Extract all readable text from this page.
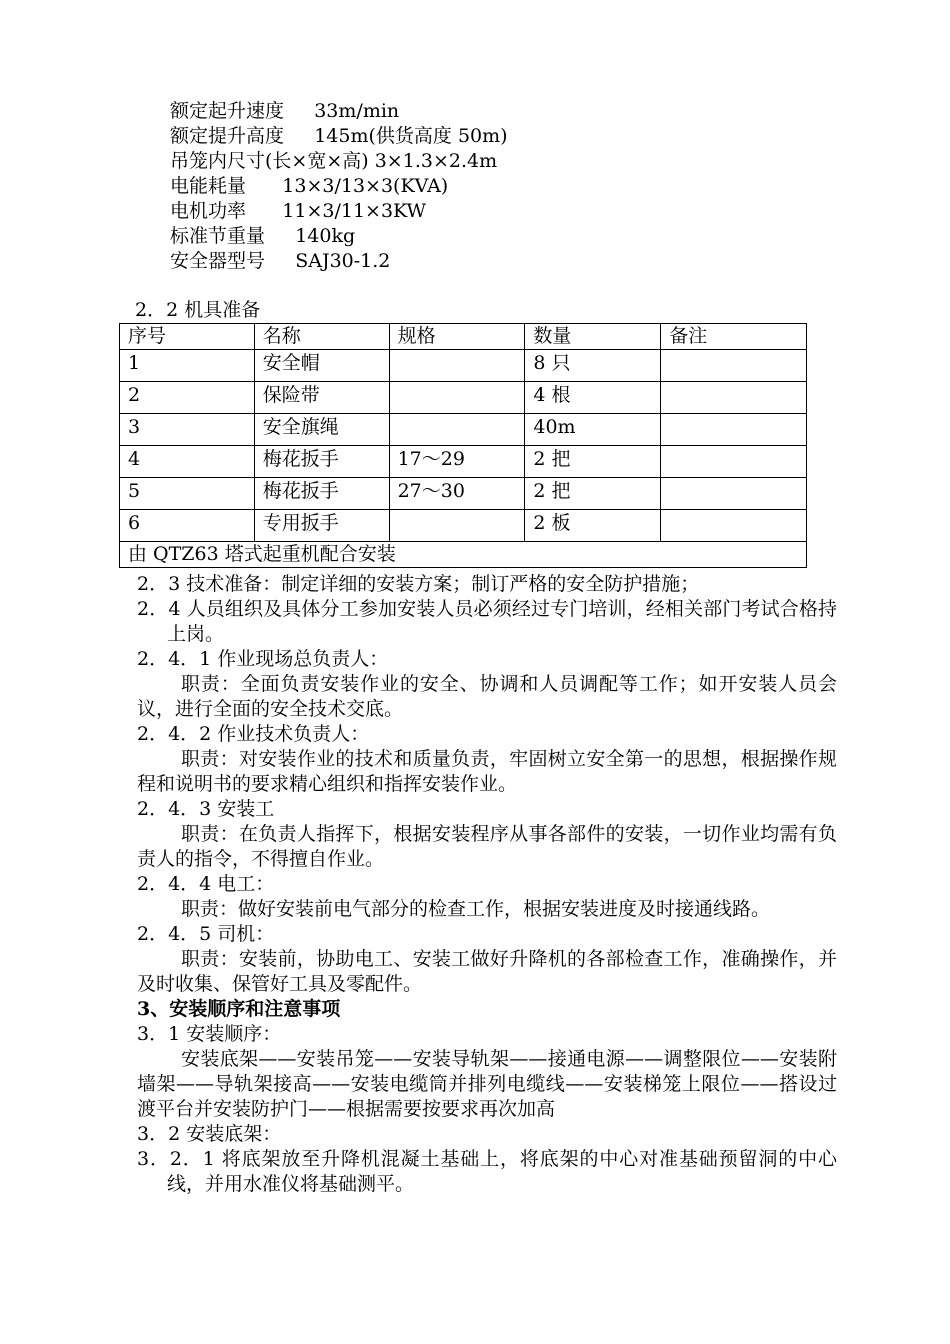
额定起升速度 33m/min
额定提升高度 145m(供货高度 50m)
吊笼内尺寸(长×宽×高) 3×1.3×2.4m
电能耗量 13×3/13×3(KVA)
电机功率 11×3/11×3KW
标准节重量 140kg
安全器型号 SAJ30-1.2
2．2 机具准备
序号	名称	规格	数量	备注
1	安全帽		8 只	
2	保险带		4 根	
3	安全旗绳		40m	
4	梅花扳手	17～29	2 把	
5	梅花扳手	27～30	2 把	
6	专用扳手		2 板	
由 QTZ63 塔式起重机配合安装				

2．3 技术准备：制定详细的安装方案；制订严格的安全防护措施；

2．4 人员组织及具体分工参加安装人员必须经过专门培训，经相关部门考试合格持上岗。

2．4．1 作业现场总负责人：

职责：全面负责安装作业的安全、协调和人员调配等工作；如开安装人员会议，进行全面的安全技术交底。

2．4．2 作业技术负责人：

职责：对安装作业的技术和质量负责，牢固树立安全第一的思想，根据操作规程和说明书的要求精心组织和指挥安装作业。

2．4．3 安装工

职责：在负责人指挥下，根据安装程序从事各部件的安装，一切作业均需有负责人的指令，不得擅自作业。

2．4．4 电工：

职责：做好安装前电气部分的检查工作，根据安装进度及时接通线路。

2．4．5 司机：

职责：安装前，协助电工、安装工做好升降机的各部检查工作，准确操作，并及时收集、保管好工具及零配件。

3、安装顺序和注意事项

3．1 安装顺序：

安装底架——安装吊笼——安装导轨架——接通电源——调整限位——安装附墙架——导轨架接高——安装电缆筒并排列电缆线——安装梯笼上限位——搭设过渡平台并安装防护门——根据需要按要求再次加高

3．2 安装底架：

3．2．1 将底架放至升降机混凝土基础上，将底架的中心对准基础预留洞的中心线，并用水准仪将基础测平。
